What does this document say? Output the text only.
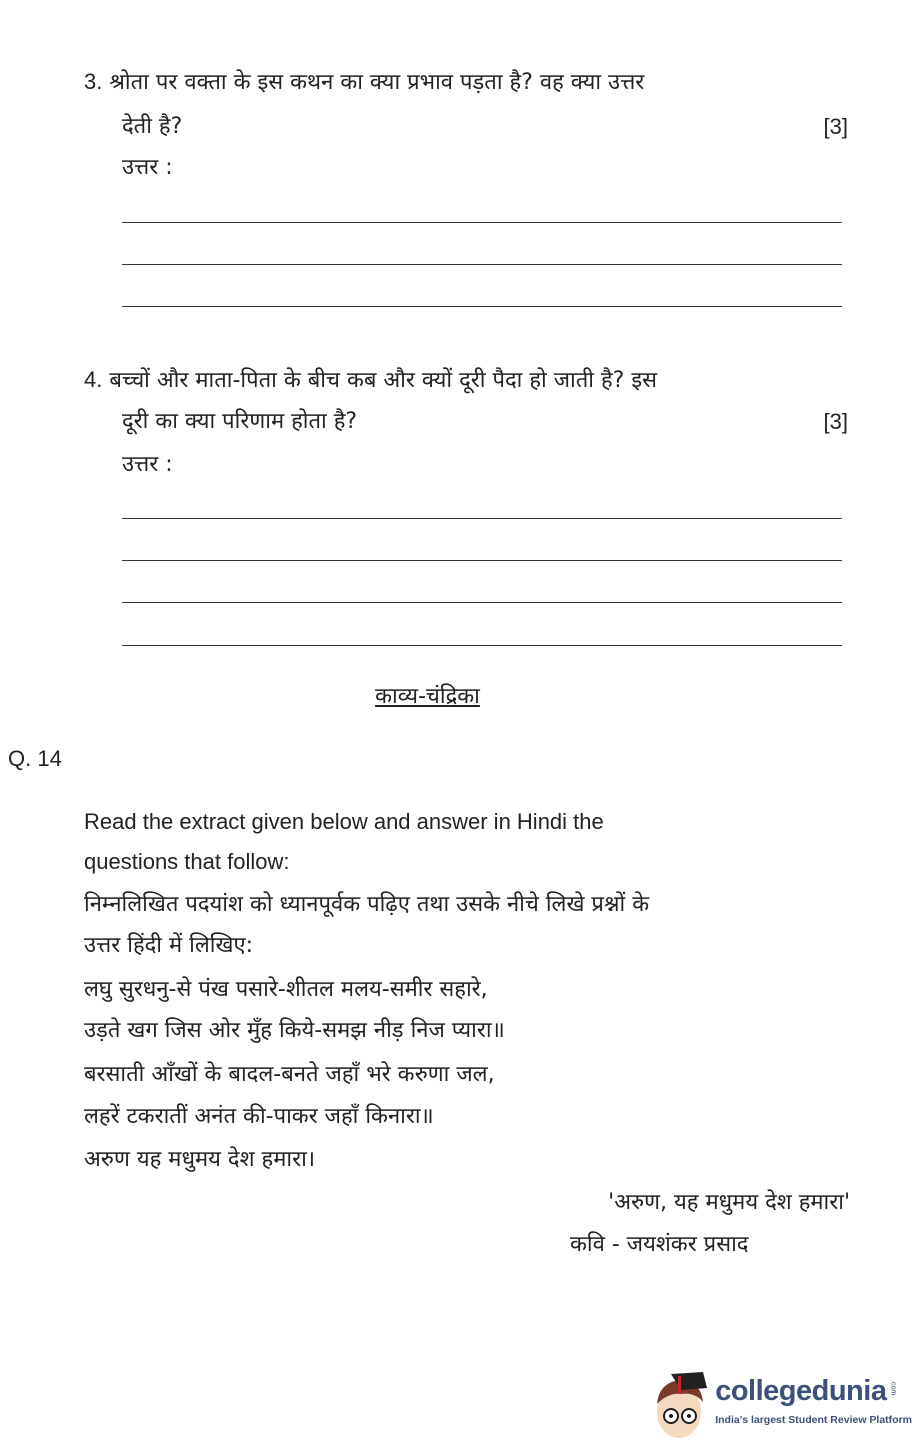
3. श्रोता पर वक्ता के इस कथन का क्या प्रभाव पड़ता है? वह क्या उत्तर
देती है?	[3]
उत्तर :
4. बच्चों और माता-पिता के बीच कब और क्यों दूरी पैदा हो जाती है? इस
दूरी का क्या परिणाम होता है?	[3]
उत्तर :
काव्य-चंद्रिका
Q. 14
Read the extract given below and answer in Hindi the
questions that follow:
निम्नलिखित पदयांश को ध्यानपूर्वक पढ़िए तथा उसके नीचे लिखे प्रश्नों के
उत्तर हिंदी में लिखिए:
लघु सुरधनु-से पंख पसारे-शीतल मलय-समीर सहारे,
उड़ते खग जिस ओर मुँह किये-समझ नीड़ निज प्यारा॥
बरसाती आँखों के बादल-बनते जहाँ भरे करुणा जल,
लहरें टकरातीं अनंत की-पाकर जहाँ किनारा॥
अरुण यह मधुमय देश हमारा।
'अरुण, यह मधुमय देश हमारा'
कवि - जयशंकर प्रसाद
collegedunia .com
India's largest Student Review Platform
